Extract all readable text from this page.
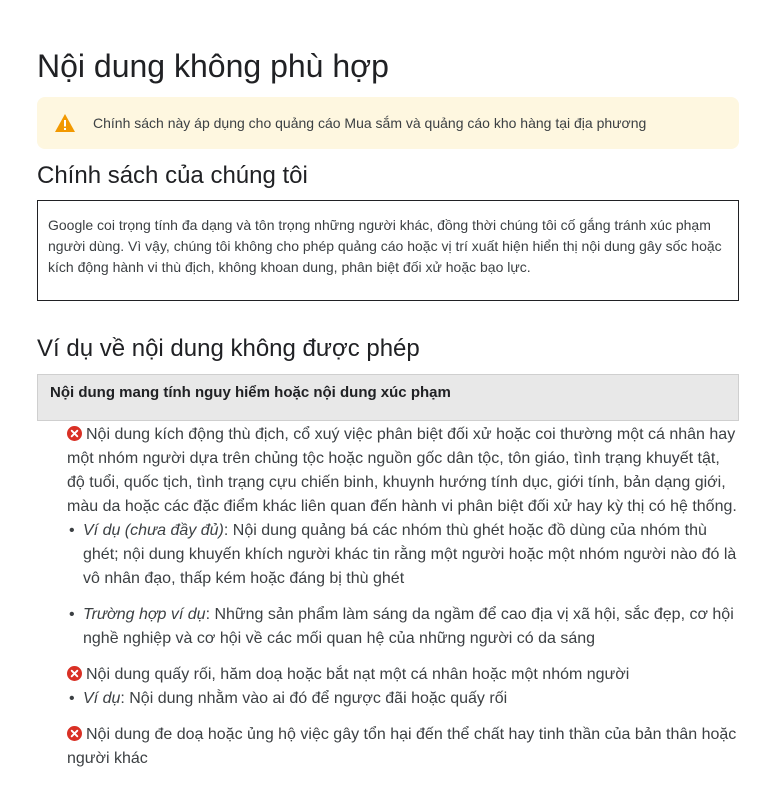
Nội dung không phù hợp
Chính sách này áp dụng cho quảng cáo Mua sắm và quảng cáo kho hàng tại địa phương
Chính sách của chúng tôi
Google coi trọng tính đa dạng và tôn trọng những người khác, đồng thời chúng tôi cố gắng tránh xúc phạm người dùng. Vì vậy, chúng tôi không cho phép quảng cáo hoặc vị trí xuất hiện hiển thị nội dung gây sốc hoặc kích động hành vi thù địch, không khoan dung, phân biệt đối xử hoặc bạo lực.
Ví dụ về nội dung không được phép
Nội dung mang tính nguy hiểm hoặc nội dung xúc phạm

Nội dung kích động thù địch, cổ xuý việc phân biệt đối xử hoặc coi thường một cá nhân hay một nhóm người dựa trên chủng tộc hoặc nguồn gốc dân tộc, tôn giáo, tình trạng khuyết tật, độ tuổi, quốc tịch, tình trạng cựu chiến binh, khuynh hướng tính dục, giới tính, bản dạng giới, màu da hoặc các đặc điểm khác liên quan đến hành vi phân biệt đối xử hay kỳ thị có hệ thống.

• Ví dụ (chưa đầy đủ): Nội dung quảng bá các nhóm thù ghét hoặc đồ dùng của nhóm thù ghét; nội dung khuyến khích người khác tin rằng một người hoặc một nhóm người nào đó là vô nhân đạo, thấp kém hoặc đáng bị thù ghét
• Trường hợp ví dụ: Những sản phẩm làm sáng da ngầm để cao địa vị xã hội, sắc đẹp, cơ hội nghề nghiệp và cơ hội về các mối quan hệ của những người có da sáng

Nội dung quấy rối, hăm doạ hoặc bắt nạt một cá nhân hoặc một nhóm người

• Ví dụ: Nội dung nhằm vào ai đó để ngược đãi hoặc quấy rối

Nội dung đe doạ hoặc ủng hộ việc gây tổn hại đến thể chất hay tinh thần của bản thân hoặc người khác
